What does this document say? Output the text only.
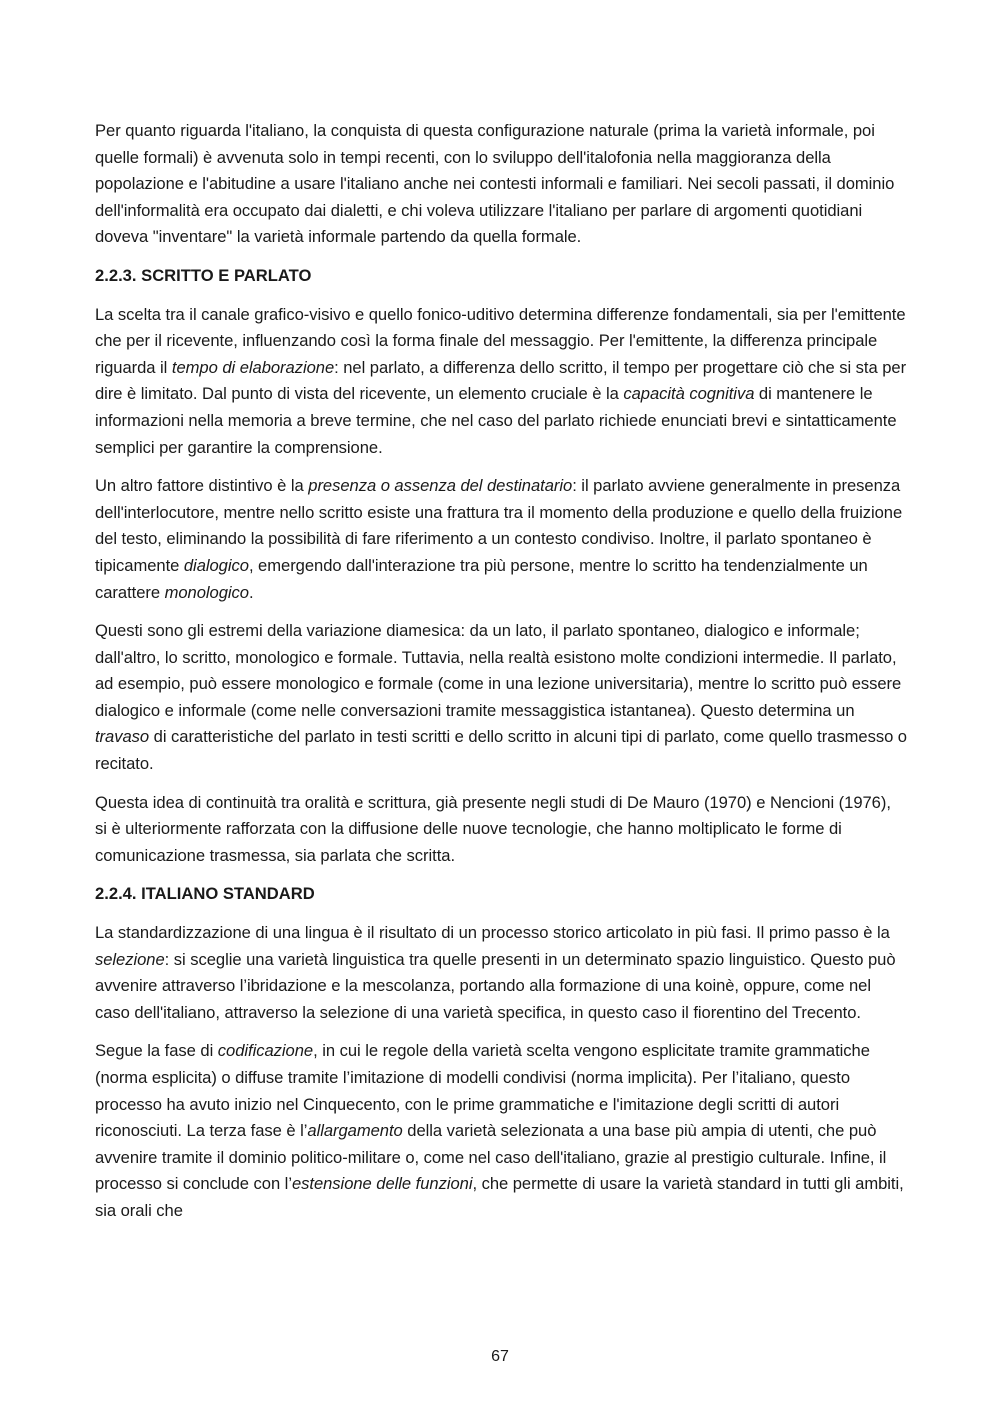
Per quanto riguarda l'italiano, la conquista di questa configurazione naturale (prima la varietà informale, poi quelle formali) è avvenuta solo in tempi recenti, con lo sviluppo dell'italofonia nella maggioranza della popolazione e l'abitudine a usare l'italiano anche nei contesti informali e familiari. Nei secoli passati, il dominio dell'informalità era occupato dai dialetti, e chi voleva utilizzare l'italiano per parlare di argomenti quotidiani doveva "inventare" la varietà informale partendo da quella formale.

2.2.3. SCRITTO E PARLATO

La scelta tra il canale grafico-visivo e quello fonico-uditivo determina differenze fondamentali, sia per l'emittente che per il ricevente, influenzando così la forma finale del messaggio. Per l'emittente, la differenza principale riguarda il tempo di elaborazione: nel parlato, a differenza dello scritto, il tempo per progettare ciò che si sta per dire è limitato. Dal punto di vista del ricevente, un elemento cruciale è la capacità cognitiva di mantenere le informazioni nella memoria a breve termine, che nel caso del parlato richiede enunciati brevi e sintatticamente semplici per garantire la comprensione.

Un altro fattore distintivo è la presenza o assenza del destinatario: il parlato avviene generalmente in presenza dell'interlocutore, mentre nello scritto esiste una frattura tra il momento della produzione e quello della fruizione del testo, eliminando la possibilità di fare riferimento a un contesto condiviso. Inoltre, il parlato spontaneo è tipicamente dialogico, emergendo dall'interazione tra più persone, mentre lo scritto ha tendenzialmente un carattere monologico.

Questi sono gli estremi della variazione diamesica: da un lato, il parlato spontaneo, dialogico e informale; dall'altro, lo scritto, monologico e formale. Tuttavia, nella realtà esistono molte condizioni intermedie. Il parlato, ad esempio, può essere monologico e formale (come in una lezione universitaria), mentre lo scritto può essere dialogico e informale (come nelle conversazioni tramite messaggistica istantanea). Questo determina un travaso di caratteristiche del parlato in testi scritti e dello scritto in alcuni tipi di parlato, come quello trasmesso o recitato.

Questa idea di continuità tra oralità e scrittura, già presente negli studi di De Mauro (1970) e Nencioni (1976), si è ulteriormente rafforzata con la diffusione delle nuove tecnologie, che hanno moltiplicato le forme di comunicazione trasmessa, sia parlata che scritta.

2.2.4. ITALIANO STANDARD

La standardizzazione di una lingua è il risultato di un processo storico articolato in più fasi. Il primo passo è la selezione: si sceglie una varietà linguistica tra quelle presenti in un determinato spazio linguistico. Questo può avvenire attraverso l’ibridazione e la mescolanza, portando alla formazione di una koinè, oppure, come nel caso dell'italiano, attraverso la selezione di una varietà specifica, in questo caso il fiorentino del Trecento.

Segue la fase di codificazione, in cui le regole della varietà scelta vengono esplicitate tramite grammatiche (norma esplicita) o diffuse tramite l’imitazione di modelli condivisi (norma implicita). Per l’italiano, questo processo ha avuto inizio nel Cinquecento, con le prime grammatiche e l'imitazione degli scritti di autori riconosciuti. La terza fase è l’allargamento della varietà selezionata a una base più ampia di utenti, che può avvenire tramite il dominio politico-militare o, come nel caso dell'italiano, grazie al prestigio culturale. Infine, il processo si conclude con l’estensione delle funzioni, che permette di usare la varietà standard in tutti gli ambiti, sia orali che

67
